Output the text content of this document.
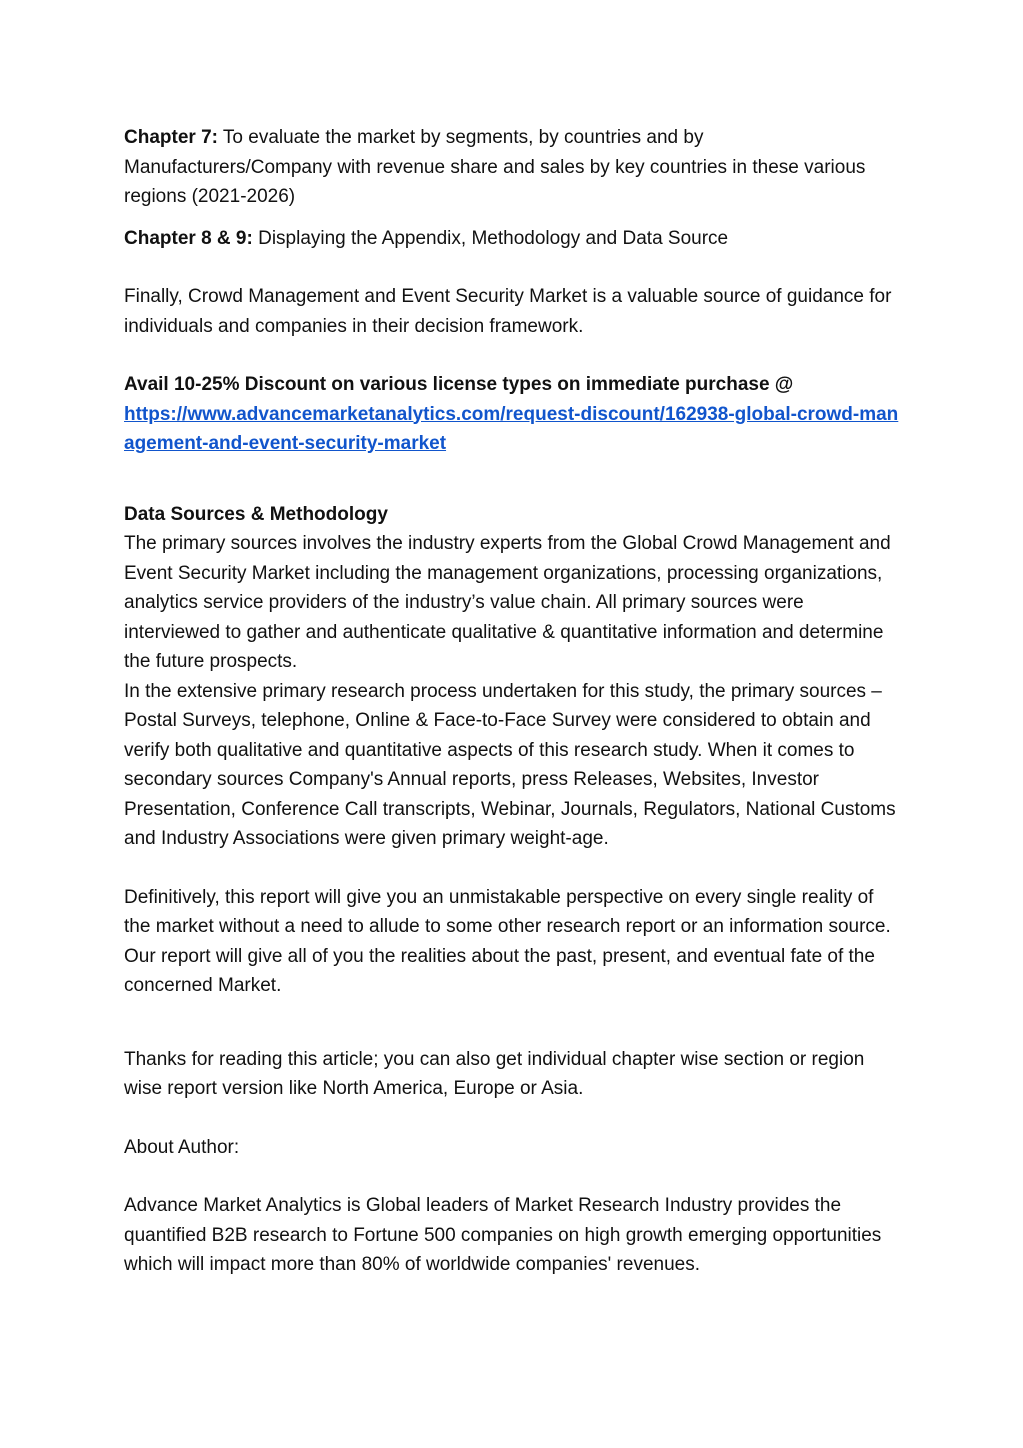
Chapter 7: To evaluate the market by segments, by countries and by Manufacturers/Company with revenue share and sales by key countries in these various regions (2021-2026)

Chapter 8 & 9: Displaying the Appendix, Methodology and Data Source

Finally, Crowd Management and Event Security Market is a valuable source of guidance for individuals and companies in their decision framework.

Avail 10-25% Discount on various license types on immediate purchase @
https://www.advancemarketanalytics.com/request-discount/162938-global-crowd-management-and-event-security-market

Data Sources & Methodology

The primary sources involves the industry experts from the Global Crowd Management and Event Security Market including the management organizations, processing organizations, analytics service providers of the industry’s value chain. All primary sources were interviewed to gather and authenticate qualitative & quantitative information and determine the future prospects.

In the extensive primary research process undertaken for this study, the primary sources – Postal Surveys, telephone, Online & Face-to-Face Survey were considered to obtain and verify both qualitative and quantitative aspects of this research study. When it comes to secondary sources Company's Annual reports, press Releases, Websites, Investor Presentation, Conference Call transcripts, Webinar, Journals, Regulators, National Customs and Industry Associations were given primary weight-age.

Definitively, this report will give you an unmistakable perspective on every single reality of the market without a need to allude to some other research report or an information source. Our report will give all of you the realities about the past, present, and eventual fate of the concerned Market.

Thanks for reading this article; you can also get individual chapter wise section or region wise report version like North America, Europe or Asia.

About Author:

Advance Market Analytics is Global leaders of Market Research Industry provides the quantified B2B research to Fortune 500 companies on high growth emerging opportunities which will impact more than 80% of worldwide companies' revenues.
